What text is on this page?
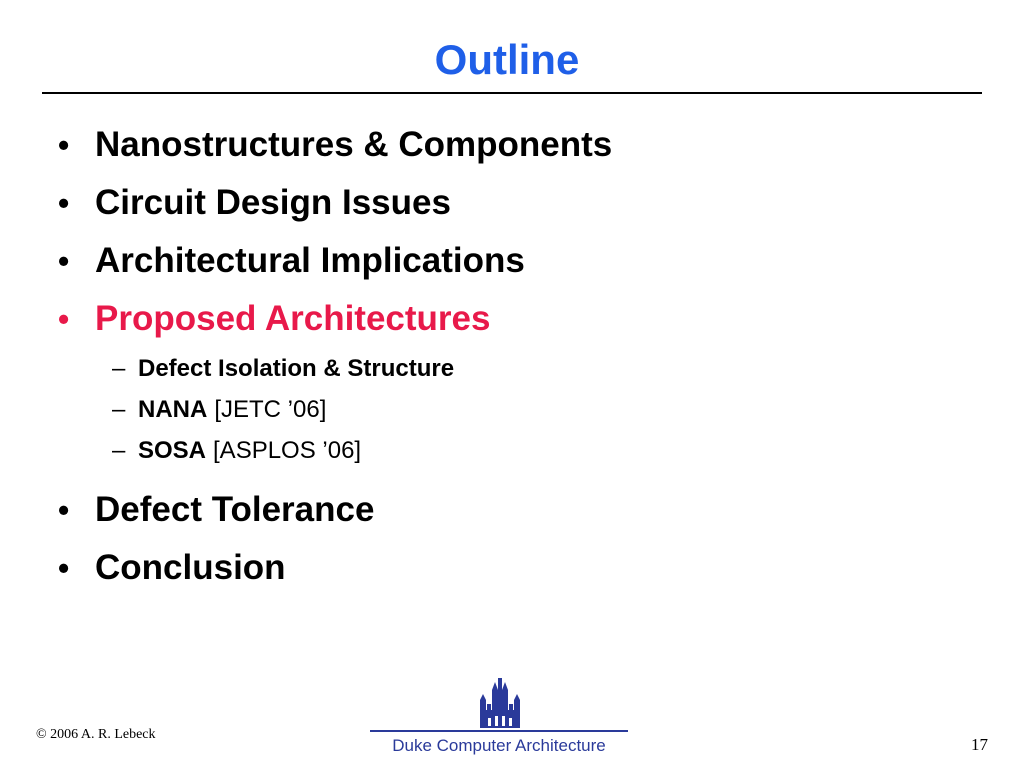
Outline
• Nanostructures & Components
• Circuit Design Issues
• Architectural Implications
• Proposed Architectures
– Defect Isolation & Structure
– NANA [JETC ’06]
– SOSA [ASPLOS ’06]
• Defect Tolerance
• Conclusion
© 2006 A. R. Lebeck
Duke Computer Architecture	17
